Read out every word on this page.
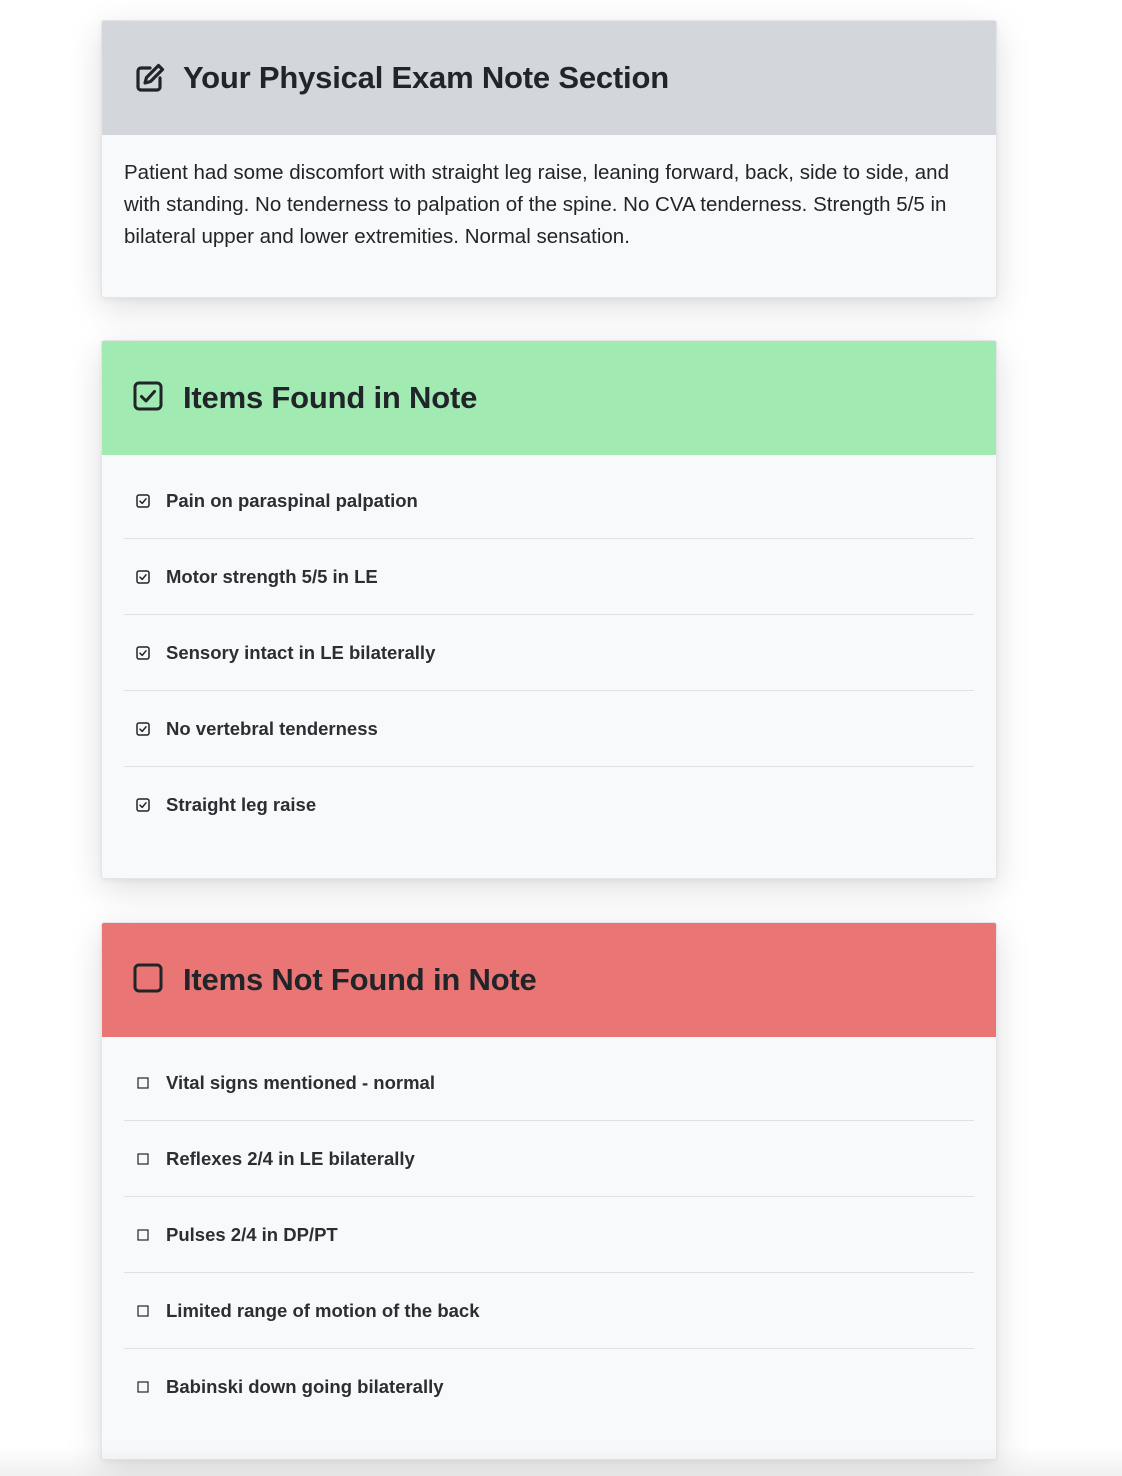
Your Physical Exam Note Section
Patient had some discomfort with straight leg raise, leaning forward, back, side to side, and with standing. No tenderness to palpation of the spine. No CVA tenderness. Strength 5/5 in bilateral upper and lower extremities. Normal sensation.
Items Found in Note
Pain on paraspinal palpation
Motor strength 5/5 in LE
Sensory intact in LE bilaterally
No vertebral tenderness
Straight leg raise
Items Not Found in Note
Vital signs mentioned - normal
Reflexes 2/4 in LE bilaterally
Pulses 2/4 in DP/PT
Limited range of motion of the back
Babinski down going bilaterally
